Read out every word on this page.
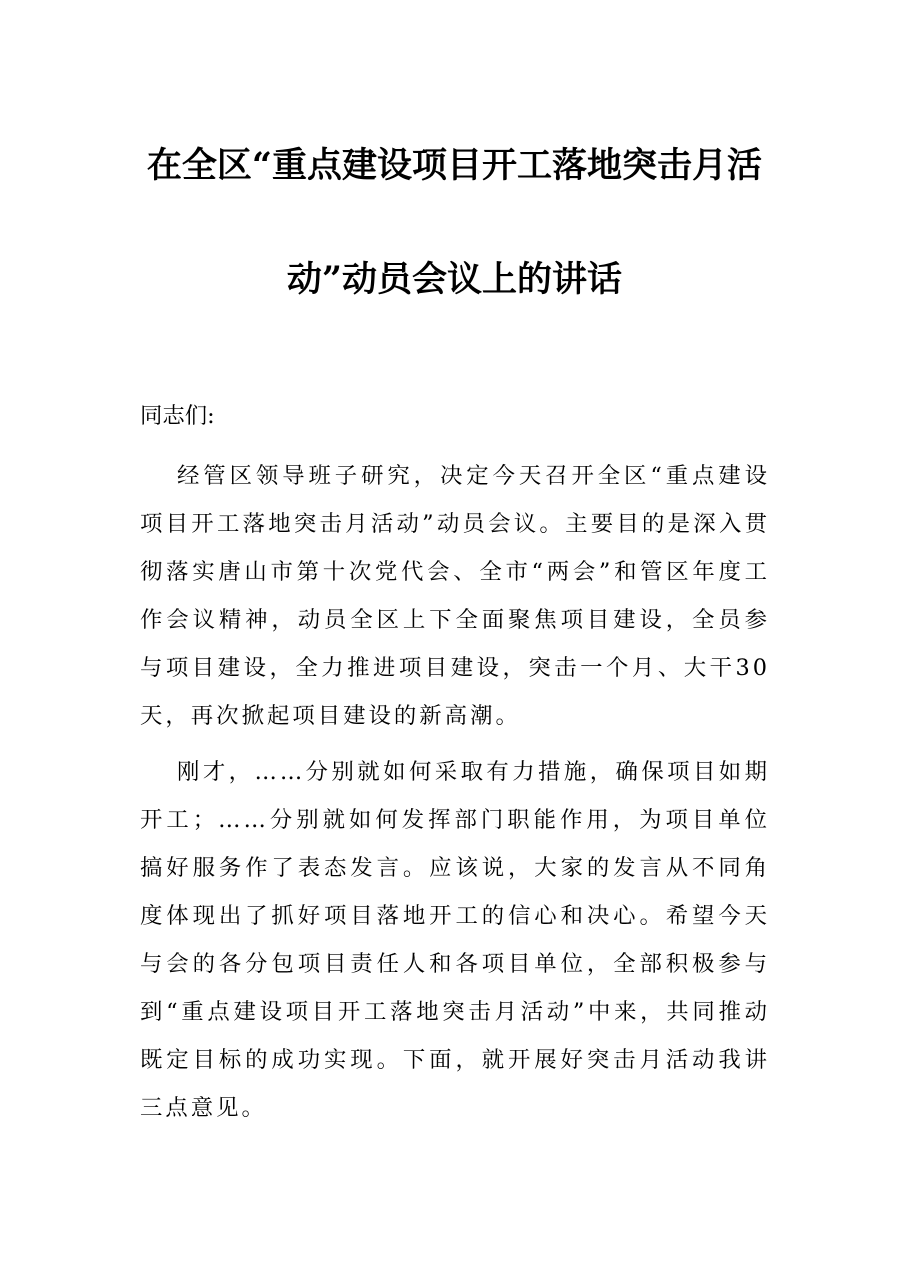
在全区“重点建设项目开工落地突击月活
动”动员会议上的讲话
同志们:
经管区领导班子研究，决定今天召开全区“重点建设项目开工落地突击月活动”动员会议。主要目的是深入贯彻落实唐山市第十次党代会、全市“两会”和管区年度工作会议精神，动员全区上下全面聚焦项目建设，全员参与项目建设，全力推进项目建设，突击一个月、大干30天，再次掀起项目建设的新高潮。
刚才，……分别就如何采取有力措施，确保项目如期开工；……分别就如何发挥部门职能作用，为项目单位搞好服务作了表态发言。应该说，大家的发言从不同角度体现出了抓好项目落地开工的信心和决心。希望今天与会的各分包项目责任人和各项目单位，全部积极参与到“重点建设项目开工落地突击月活动”中来，共同推动既定目标的成功实现。下面，就开展好突击月活动我讲三点意见。
